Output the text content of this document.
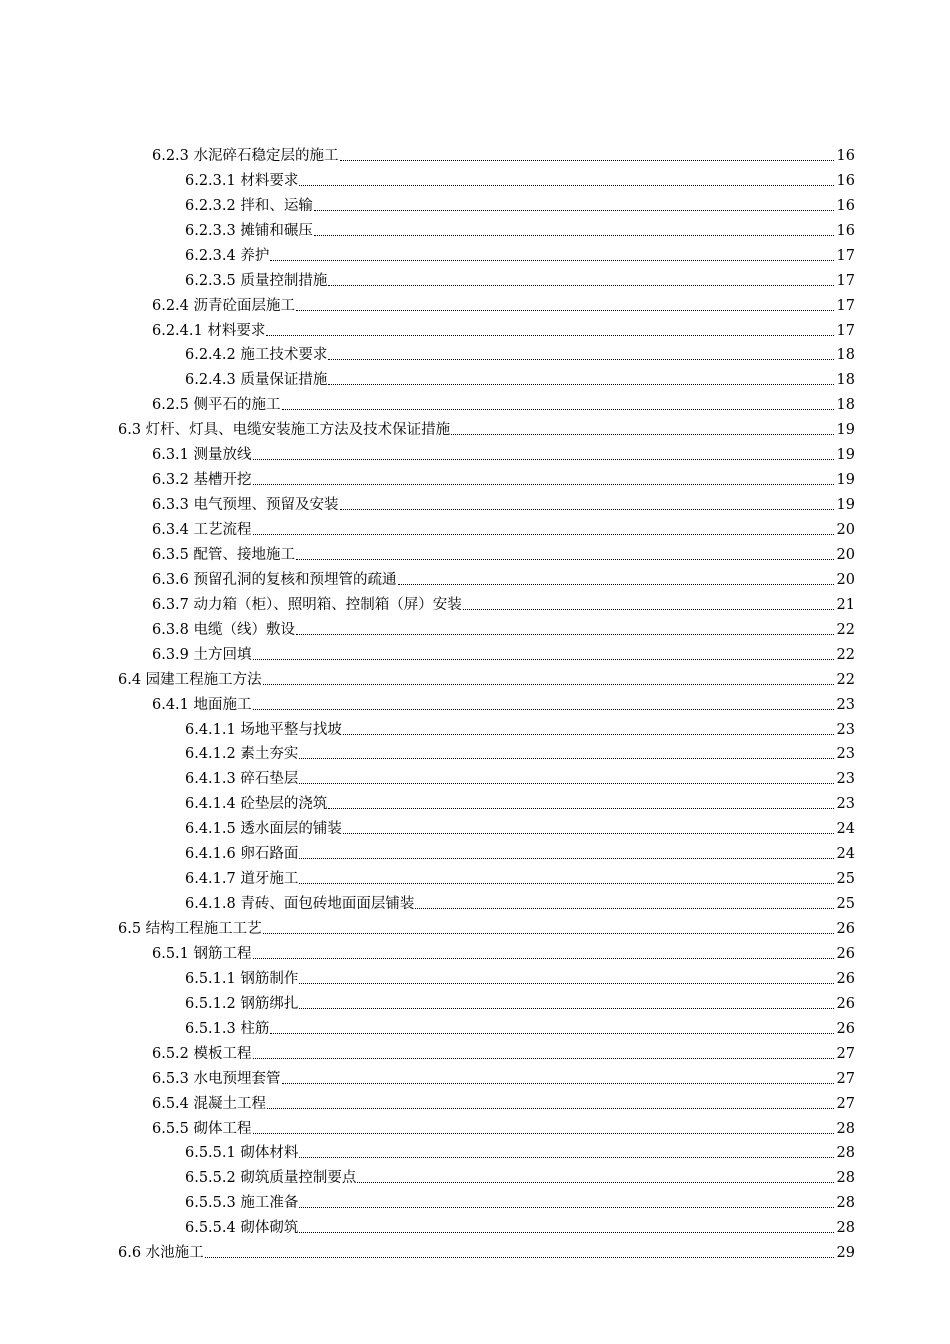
6.2.3 水泥碎石稳定层的施工	16
6.2.3.1 材料要求	16
6.2.3.2 拌和、运输	16
6.2.3.3 摊铺和碾压	16
6.2.3.4 养护	17
6.2.3.5 质量控制措施	17
6.2.4 沥青砼面层施工	17
6.2.4.1 材料要求	17
6.2.4.2 施工技术要求	18
6.2.4.3 质量保证措施	18
6.2.5 侧平石的施工	18
6.3 灯杆、灯具、电缆安装施工方法及技术保证措施	19
6.3.1 测量放线	19
6.3.2 基槽开挖	19
6.3.3 电气预埋、预留及安装	19
6.3.4 工艺流程	20
6.3.5 配管、接地施工	20
6.3.6 预留孔洞的复核和预埋管的疏通	20
6.3.7 动力箱（柜）、照明箱、控制箱（屏）安装	21
6.3.8 电缆（线）敷设	22
6.3.9 土方回填	22
6.4 园建工程施工方法	22
6.4.1 地面施工	23
6.4.1.1 场地平整与找坡	23
6.4.1.2 素土夯实	23
6.4.1.3 碎石垫层	23
6.4.1.4 砼垫层的浇筑	23
6.4.1.5 透水面层的铺装	24
6.4.1.6 卵石路面	24
6.4.1.7 道牙施工	25
6.4.1.8 青砖、面包砖地面面层铺装	25
6.5 结构工程施工工艺	26
6.5.1 钢筋工程	26
6.5.1.1 钢筋制作	26
6.5.1.2 钢筋绑扎	26
6.5.1.3 柱筋	26
6.5.2 模板工程	27
6.5.3 水电预埋套管	27
6.5.4 混凝土工程	27
6.5.5 砌体工程	28
6.5.5.1 砌体材料	28
6.5.5.2 砌筑质量控制要点	28
6.5.5.3 施工准备	28
6.5.5.4 砌体砌筑	28
6.6 水池施工	29
